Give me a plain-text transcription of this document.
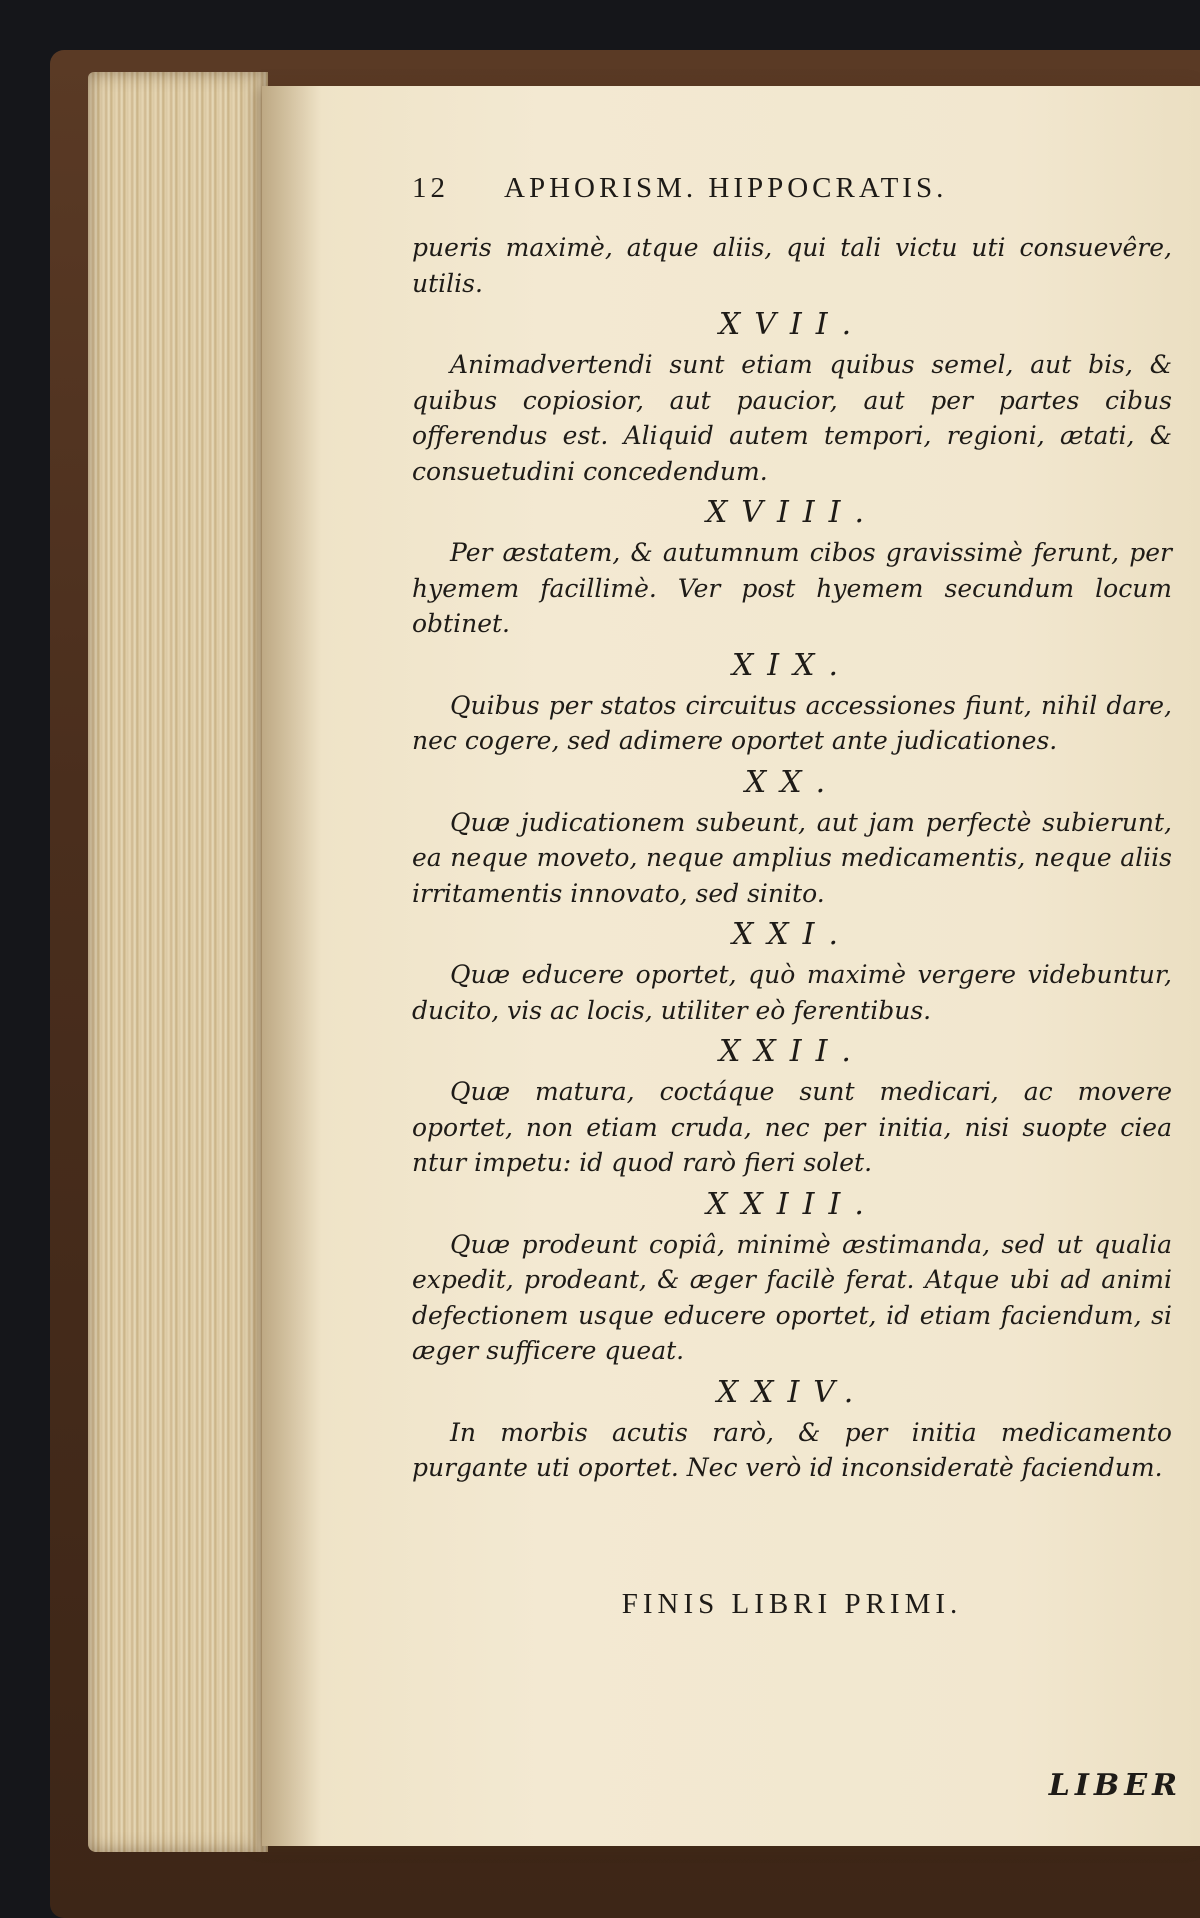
12	APHORISM. HIPPOCRATIS.

pueris maximè, atque aliis, qui tali victu uti consuevêre, utilis.

XVII.

Animadvertendi sunt etiam quibus semel, aut bis, & quibus copiosior, aut paucior, aut per partes cibus offerendus est. Aliquid autem tempori, regioni, ætati, & consuetudini concedendum.

XVIII.

Per æstatem, & autumnum cibos gravissimè ferunt, per hyemem facillimè. Ver post hyemem secundum locum obtinet.

XIX.

Quibus per statos circuitus accessiones fiunt, nihil dare, nec cogere, sed adimere oportet ante judicationes.

XX.

Quæ judicationem subeunt, aut jam perfectè subierunt, ea neque moveto, neque amplius medicamentis, neque aliis irritamentis innovato, sed sinito.

XXI.

Quæ educere oportet, quò maximè vergere videbuntur, ducito, vis ac locis, utiliter eò ferentibus.

XXII.

Quæ matura, coctáque sunt medicari, ac movere oportet, non etiam cruda, nec per initia, nisi suopte ciea ntur impetu: id quod rarò fieri solet.

XXIII.

Quæ prodeunt copiâ, minimè æstimanda, sed ut qualia expedit, prodeant, & æger facilè ferat. Atque ubi ad animi defectionem usque educere oportet, id etiam faciendum, si æger sufficere queat.

XXIV.

In morbis acutis rarò, & per initia medicamento purgante uti oportet. Nec verò id inconsideratè faciendum.

FINIS LIBRI PRIMI.
LIBER
